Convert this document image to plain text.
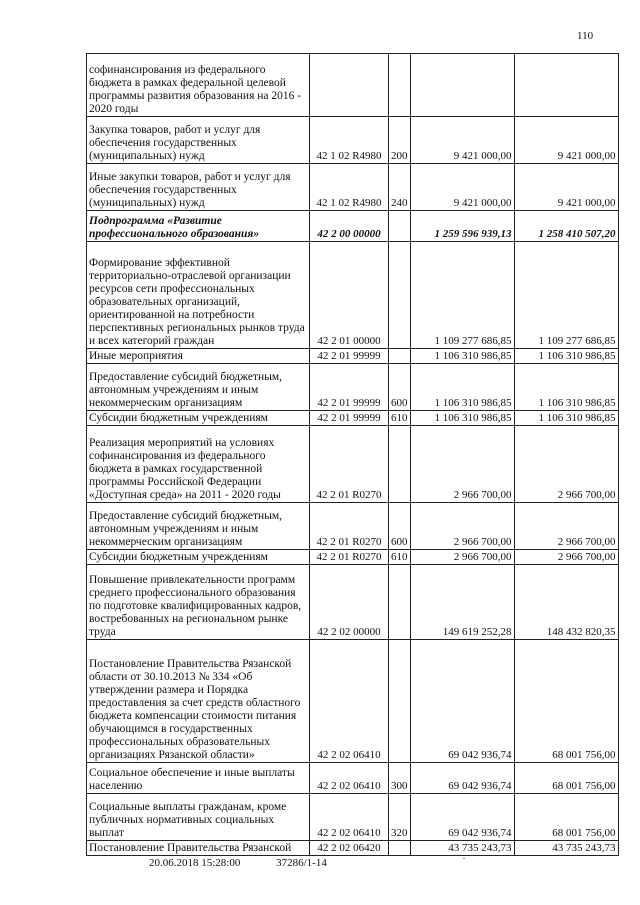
110
софинансирования из федерального бюджета в рамках федеральной целевой программы развития образования на 2016 - 2020 годы				
Закупка товаров, работ и услуг для обеспечения государственных (муниципальных) нужд	42 1 02 R4980	200	9 421 000,00	9 421 000,00
Иные закупки товаров, работ и услуг для обеспечения государственных (муниципальных) нужд	42 1 02 R4980	240	9 421 000,00	9 421 000,00
Подпрограмма «Развитие профессионального образования»	42 2 00 00000		1 259 596 939,13	1 258 410 507,20
Формирование эффективной территориально-отраслевой организации ресурсов сети профессиональных образовательных организаций, ориентированной на потребности перспективных региональных рынков труда и всех категорий граждан	42 2 01 00000		1 109 277 686,85	1 109 277 686,85
Иные мероприятия	42 2 01 99999		1 106 310 986,85	1 106 310 986,85
Предоставление субсидий бюджетным, автономным учреждениям и иным некоммерческим организациям	42 2 01 99999	600	1 106 310 986,85	1 106 310 986,85
Субсидии бюджетным учреждениям	42 2 01 99999	610	1 106 310 986,85	1 106 310 986,85
Реализация мероприятий на условиях софинансирования из федерального бюджета в рамках государственной программы Российской Федерации «Доступная среда» на 2011 - 2020 годы	42 2 01 R0270		2 966 700,00	2 966 700,00
Предоставление субсидий бюджетным, автономным учреждениям и иным некоммерческим организациям	42 2 01 R0270	600	2 966 700,00	2 966 700,00
Субсидии бюджетным учреждениям	42 2 01 R0270	610	2 966 700,00	2 966 700,00
Повышение привлекательности программ среднего профессионального образования по подготовке квалифицированных кадров, востребованных на региональном рынке труда	42 2 02 00000		149 619 252,28	148 432 820,35
Постановление Правительства Рязанской области от 30.10.2013 № 334 «Об утверждении размера и Порядка предоставления за счет средств областного бюджета компенсации стоимости питания обучающимся в государственных профессиональных образовательных организациях Рязанской области»	42 2 02 06410		69 042 936,74	68 001 756,00
Социальное обеспечение и иные выплаты населению	42 2 02 06410	300	69 042 936,74	68 001 756,00
Социальные выплаты гражданам, кроме публичных нормативных социальных выплат	42 2 02 06410	320	69 042 936,74	68 001 756,00
Постановление Правительства Рязанской	42 2 02 06420		43 735 243,73	43 735 243,73
20.06.2018 15:28:00	37286/1-14
